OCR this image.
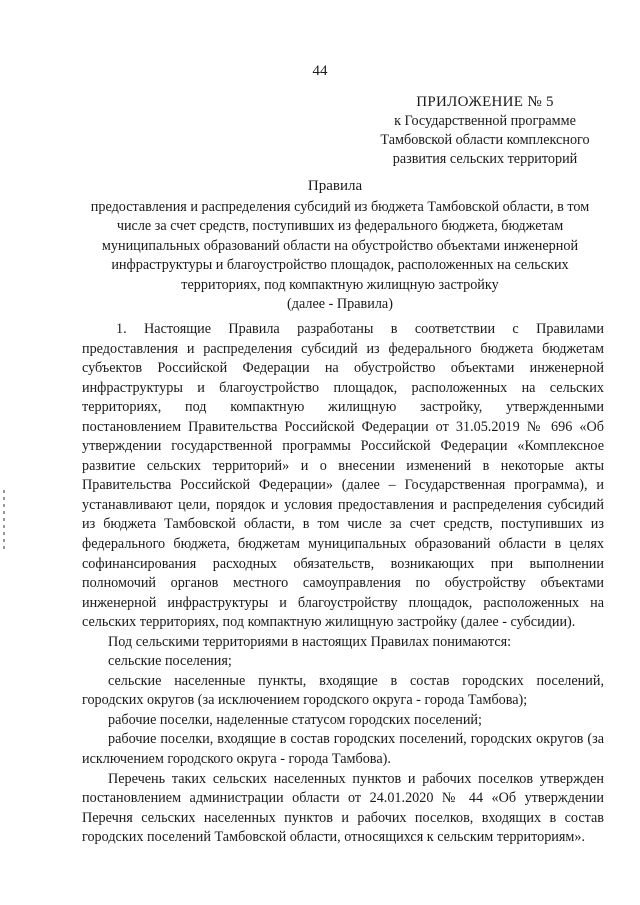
44
ПРИЛОЖЕНИЕ № 5
к Государственной программе
Тамбовской области комплексного
развития сельских территорий
Правила
предоставления и распределения субсидий из бюджета Тамбовской области, в том числе за счет средств, поступивших из федерального бюджета, бюджетам муниципальных образований области на обустройство объектами инженерной инфраструктуры и благоустройство площадок, расположенных на сельских территориях, под компактную жилищную застройку
(далее - Правила)

1. Настоящие Правила разработаны в соответствии с Правилами предоставления и распределения субсидий из федерального бюджета бюджетам субъектов Российской Федерации на обустройство объектами инженерной инфраструктуры и благоустройство площадок, расположенных на сельских территориях, под компактную жилищную застройку, утвержденными постановлением Правительства Российской Федерации от 31.05.2019 № 696 «Об утверждении государственной программы Российской Федерации «Комплексное развитие сельских территорий» и о внесении изменений в некоторые акты Правительства Российской Федерации» (далее – Государственная программа), и устанавливают цели, порядок и условия предоставления и распределения субсидий из бюджета Тамбовской области, в том числе за счет средств, поступивших из федерального бюджета, бюджетам муниципальных образований области в целях софинансирования расходных обязательств, возникающих при выполнении полномочий органов местного самоуправления по обустройству объектами инженерной инфраструктуры и благоустройству площадок, расположенных на сельских территориях, под компактную жилищную застройку (далее - субсидии).

Под сельскими территориями в настоящих Правилах понимаются:

сельские поселения;

сельские населенные пункты, входящие в состав городских поселений, городских округов (за исключением городского округа - города Тамбова);

рабочие поселки, наделенные статусом городских поселений;

рабочие поселки, входящие в состав городских поселений, городских округов (за исключением городского округа - города Тамбова).

Перечень таких сельских населенных пунктов и рабочих поселков утвержден постановлением администрации области от 24.01.2020 № 44 «Об утверждении Перечня сельских населенных пунктов и рабочих поселков, входящих в состав городских поселений Тамбовской области, относящихся к сельским территориям».
